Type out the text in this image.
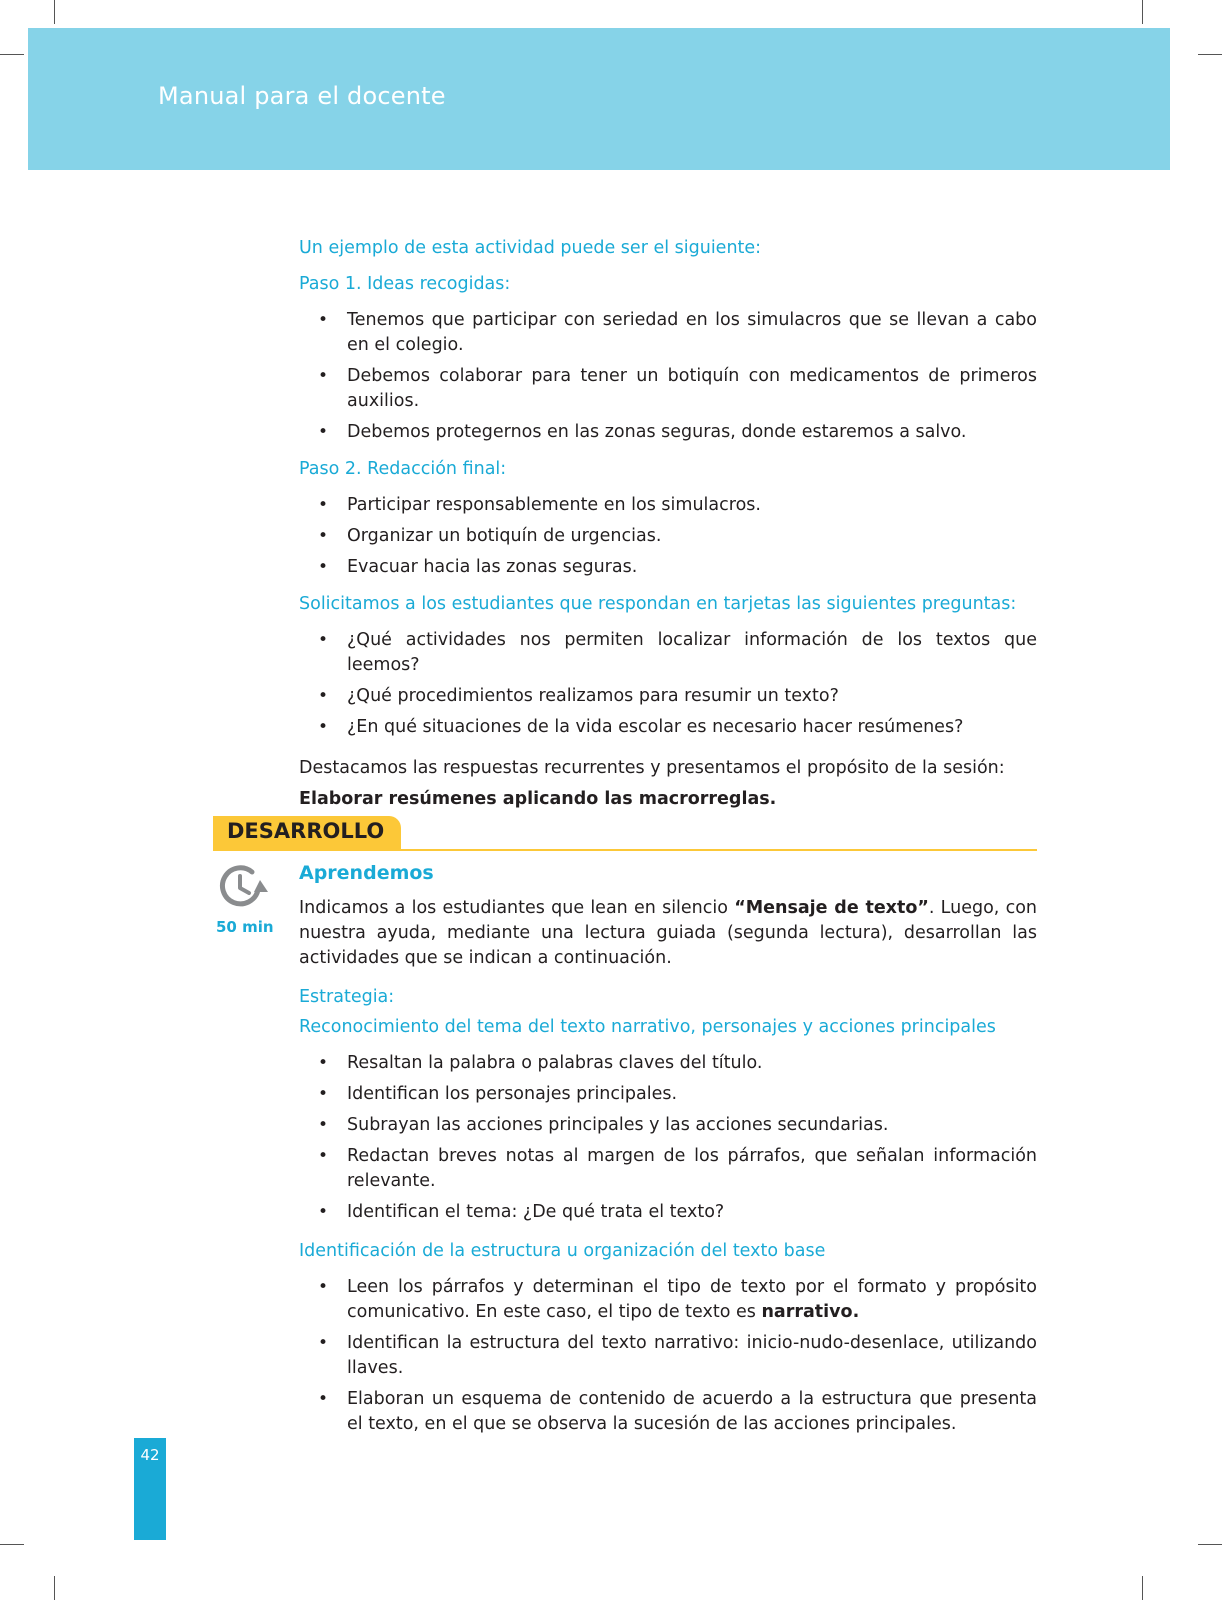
Manual para el docente

Un ejemplo de esta actividad puede ser el siguiente:

Paso 1. Ideas recogidas:

• Tenemos que participar con seriedad en los simulacros que se llevan a cabo en el colegio.
• Debemos colaborar para tener un botiquín con medicamentos de primeros auxilios.
• Debemos protegernos en las zonas seguras, donde estaremos a salvo.

Paso 2. Redacción final:

• Participar responsablemente en los simulacros.
• Organizar un botiquín de urgencias.
• Evacuar hacia las zonas seguras.

Solicitamos a los estudiantes que respondan en tarjetas las siguientes preguntas:

• ¿Qué actividades nos permiten localizar información de los textos que leemos?
• ¿Qué procedimientos realizamos para resumir un texto?
• ¿En qué situaciones de la vida escolar es necesario hacer resúmenes?

Destacamos las respuestas recurrentes y presentamos el propósito de la sesión:

Elaborar resúmenes aplicando las macrorreglas.

DESARROLLO
50 min

Aprendemos

Indicamos a los estudiantes que lean en silencio “Mensaje de texto”. Luego, con nuestra ayuda, mediante una lectura guiada (segunda lectura), desarrollan las actividades que se indican a continuación.

Estrategia:

Reconocimiento del tema del texto narrativo, personajes y acciones principales

• Resaltan la palabra o palabras claves del título.
• Identifican los personajes principales.
• Subrayan las acciones principales y las acciones secundarias.
• Redactan breves notas al margen de los párrafos, que señalan información relevante.
• Identifican el tema: ¿De qué trata el texto?

Identificación de la estructura u organización del texto base

• Leen los párrafos y determinan el tipo de texto por el formato y propósito comunicativo. En este caso, el tipo de texto es narrativo.
• Identifican la estructura del texto narrativo: inicio-nudo-desenlace, utilizando llaves.
• Elaboran un esquema de contenido de acuerdo a la estructura que presenta el texto, en el que se observa la sucesión de las acciones principales.
42
